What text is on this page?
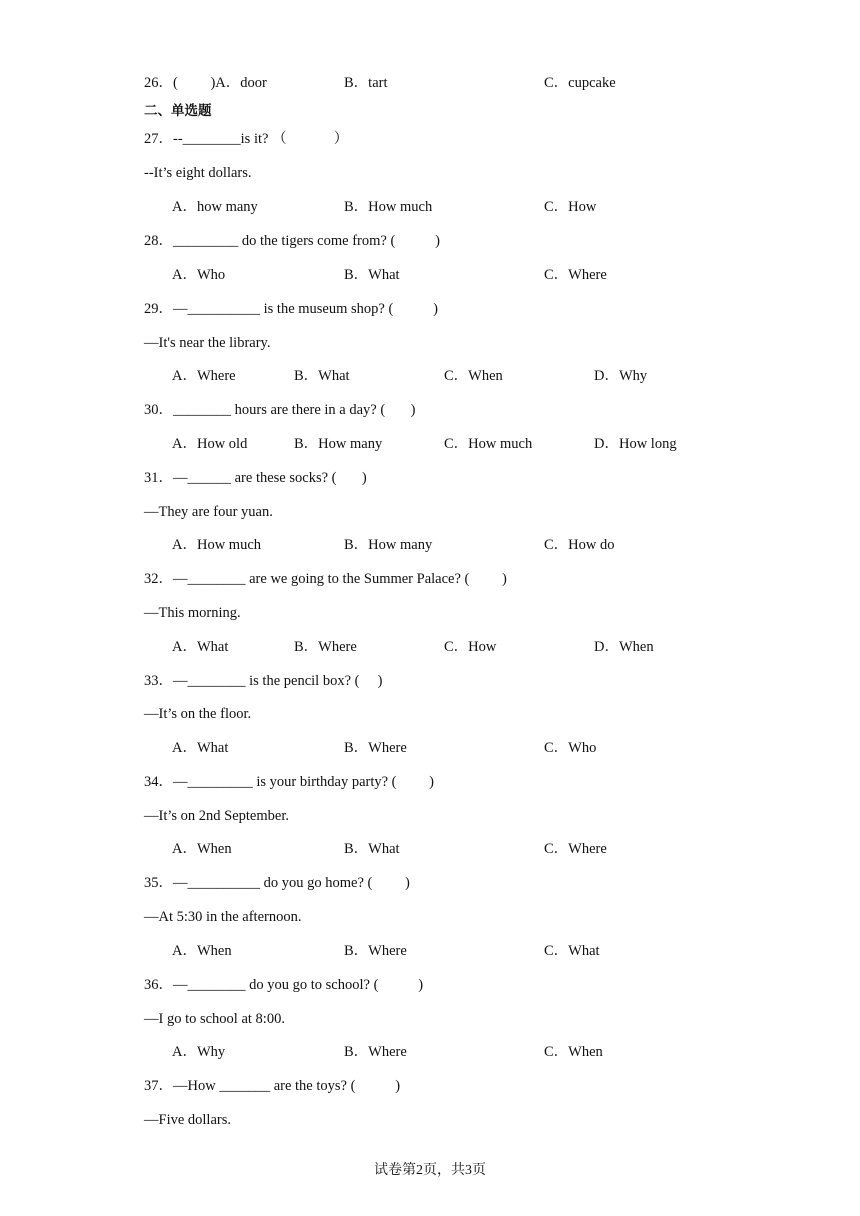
26．(   )A．door	B．tart	C．cupcake
二、单选题
27．--________is it? （　　　 ）
--It’s eight dollars.
A．how many	B．How much	C．How
28．_________ do the tigers come from? (　　  )
A．Who	B．What	C．Where
29．—__________ is the museum shop? (　　  )
—It's near the library.
A．Where	B．What	C．When	D．Why
30．________ hours are there in a day? (　  )
A．How old	B．How many	C．How much	D．How long
31．—______ are these socks? (　  )
—They are four yuan.
A．How much	B．How many	C．How do
32．—________ are we going to the Summer Palace? (　　 )
—This morning.
A．What	B．Where	C．How	D．When
33．—________ is the pencil box? (　 )
—It’s on the floor.
A．What	B．Where	C．Who
34．—_________ is your birthday party? (　　 )
—It’s on 2nd September.
A．When	B．What	C．Where
35．—__________ do you go home? (　　 )
—At 5:30 in the afternoon.
A．When	B．Where	C．What
36．—________ do you go to school? (　　  )
—I go to school at 8:00.
A．Why	B．Where	C．When
37．—How _______ are the toys? (　　  )
—Five dollars.
试卷第2页，共3页
